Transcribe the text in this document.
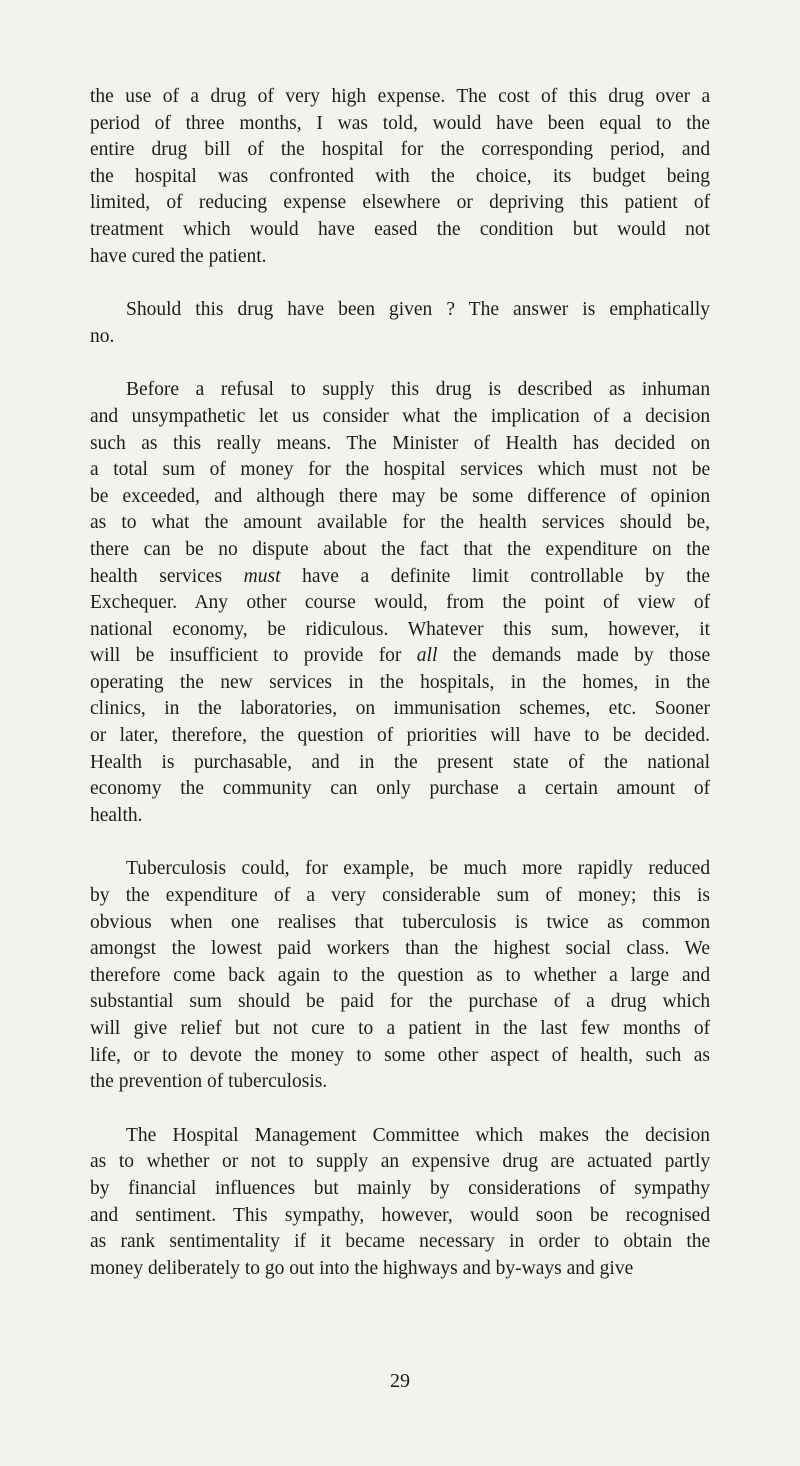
the use of a drug of very high expense. The cost of this drug over a
period of three months, I was told, would have been equal to the
entire drug bill of the hospital for the corresponding period, and
the hospital was confronted with the choice, its budget being
limited, of reducing expense elsewhere or depriving this patient of
treatment which would have eased the condition but would not
have cured the patient.
Should this drug have been given ? The answer is emphatically
no.
Before a refusal to supply this drug is described as inhuman
and unsympathetic let us consider what the implication of a decision
such as this really means. The Minister of Health has decided on
a total sum of money for the hospital services which must not be
be exceeded, and although there may be some difference of opinion
as to what the amount available for the health services should be,
there can be no dispute about the fact that the expenditure on the
health services must have a definite limit controllable by the
Exchequer. Any other course would, from the point of view of
national economy, be ridiculous. Whatever this sum, however, it
will be insufficient to provide for all the demands made by those
operating the new services in the hospitals, in the homes, in the
clinics, in the laboratories, on immunisation schemes, etc. Sooner
or later, therefore, the question of priorities will have to be decided.
Health is purchasable, and in the present state of the national
economy the community can only purchase a certain amount of
health.
Tuberculosis could, for example, be much more rapidly reduced
by the expenditure of a very considerable sum of money; this is
obvious when one realises that tuberculosis is twice as common
amongst the lowest paid workers than the highest social class. We
therefore come back again to the question as to whether a large and
substantial sum should be paid for the purchase of a drug which
will give relief but not cure to a patient in the last few months of
life, or to devote the money to some other aspect of health, such as
the prevention of tuberculosis.
The Hospital Management Committee which makes the decision
as to whether or not to supply an expensive drug are actuated partly
by financial influences but mainly by considerations of sympathy
and sentiment. This sympathy, however, would soon be recognised
as rank sentimentality if it became necessary in order to obtain the
money deliberately to go out into the highways and by-ways and give
29
